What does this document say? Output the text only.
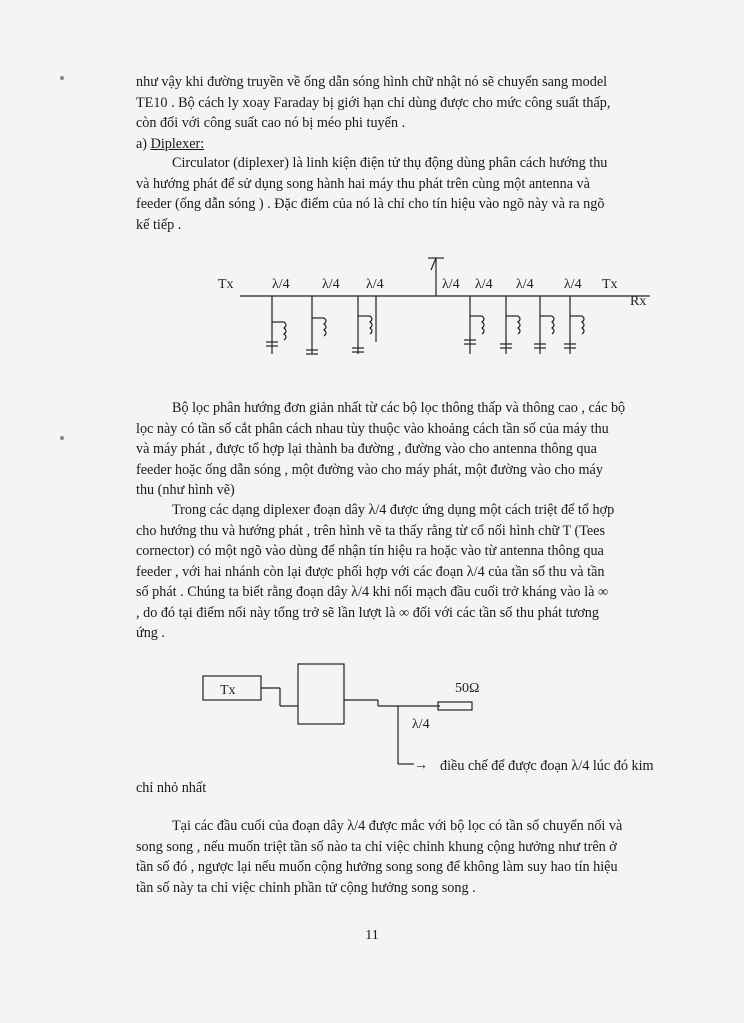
như vậy khi đường truyền về ống dẫn sóng hình chữ nhật nó sẽ chuyển sang model
TE10 . Bộ cách ly xoay Faraday bị giới hạn chỉ dùng được cho mức công suất thấp,
còn đối với công suất cao nó bị méo phi tuyến .
a) Diplexer:
Circulator (diplexer) là linh kiện điện tử thụ động dùng phân cách hướng thu
và hướng phát để sử dụng song hành hai máy thu phát trên cùng một antenna và
feeder (ống dẫn sóng ) . Đặc điểm của nó là chỉ cho tín hiệu vào ngõ này và ra ngõ
kế tiếp .
Tx	Tx
Rx
λ/4 λ/4 λ/4	λ/4 λ/4 λ/4 λ/4
Bộ lọc phân hướng đơn giản nhất từ các bộ lọc thông thấp và thông cao , các bộ
lọc này có tần số cắt phân cách nhau tùy thuộc vào khoảng cách tần số của máy thu
và máy phát , được tổ hợp lại thành ba đường , đường vào cho antenna thông qua
feeder hoặc ống dẫn sóng , một đường vào cho máy phát, một đường vào cho máy
thu (như hình vẽ)
Trong các dạng diplexer đoạn dây λ/4 được ứng dụng một cách triệt để tổ hợp
cho hướng thu và hướng phát , trên hình vẽ ta thấy rằng từ cổ nối hình chữ T (Tees
cornector) có một ngõ vào dùng để nhận tín hiệu ra hoặc vào từ antenna thông qua
feeder , với hai nhánh còn lại được phối hợp với các đoạn λ/4 của tần số thu và tần
số phát . Chúng ta biết rằng đoạn dây λ/4 khi nối mạch đầu cuối trở kháng vào là ∞
, do đó tại điểm nối này tổng trở sẽ lần lượt là ∞ đối với các tần số thu phát tương
ứng .
Tx	50Ω
λ/4
→ điều chế để được đoạn λ/4 lúc đó kim
chỉ nhỏ nhất
Tại các đầu cuối của đoạn dây λ/4 được mắc với bộ lọc có tần số chuyển nối và
song song , nếu muốn triệt tần số nào ta chỉ việc chỉnh khung cộng hưởng như trên ở
tần số đó , ngược lại nếu muốn cộng hưởng song song để không làm suy hao tín hiệu
tần số này ta chỉ việc chỉnh phần tử cộng hưởng song song .
11
